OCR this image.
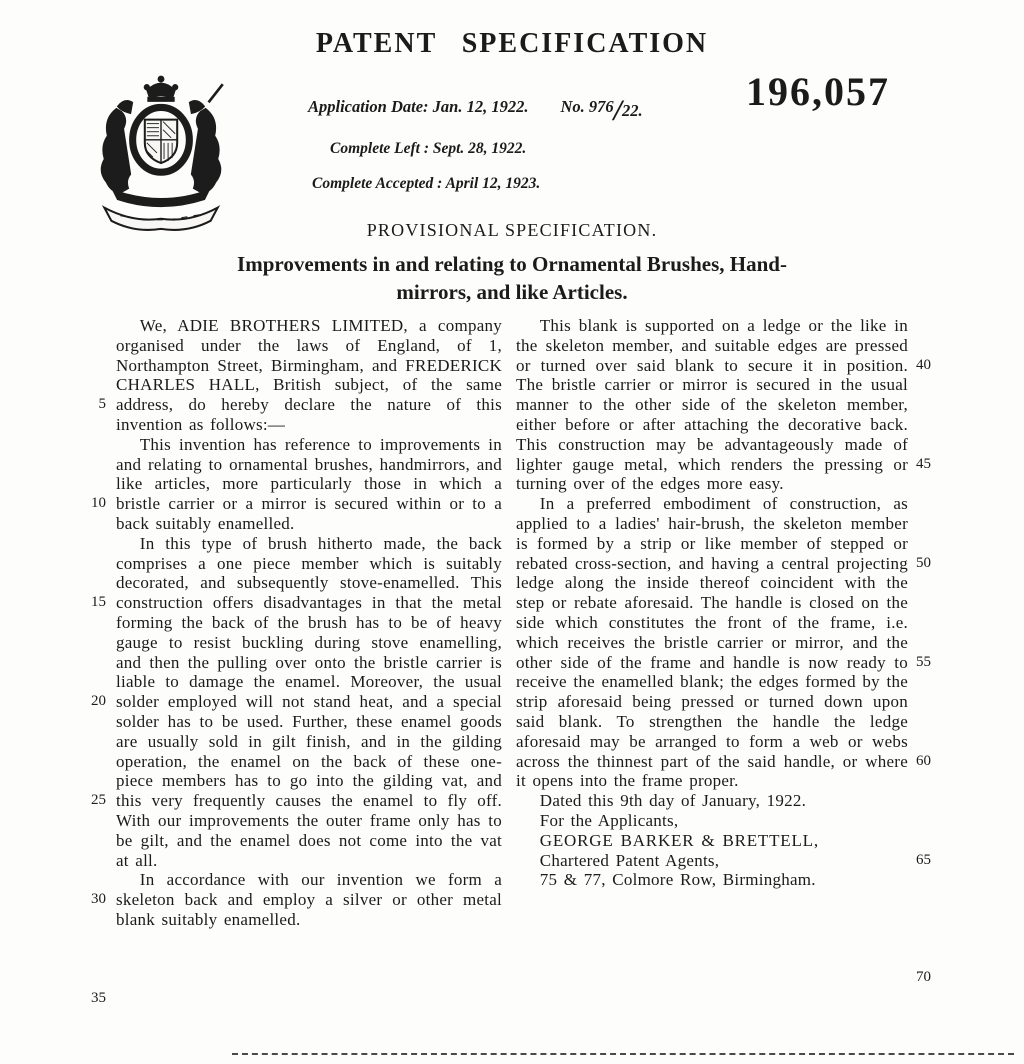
PATENT SPECIFICATION
Application Date: Jan. 12, 1922. No. 976/22.	196,057
Complete Left : Sept. 28, 1922.
Complete Accepted : April 12, 1923.
PROVISIONAL SPECIFICATION.
Improvements in and relating to Ornamental Brushes, Hand-
mirrors, and like Articles.
5
10
15
20
25
30
35

We, ADIE BROTHERS LIMITED, a company organised under the laws of England, of 1, Northampton Street, Birmingham, and FREDERICK CHARLES HALL, British subject, of the same address, do hereby declare the nature of this invention as follows:—

This invention has reference to improvements in and relating to ornamental brushes, handmirrors, and like articles, more particularly those in which a bristle carrier or a mirror is secured within or to a back suitably enamelled.

In this type of brush hitherto made, the back comprises a one piece member which is suitably decorated, and subsequently stove-enamelled. This construction offers disadvantages in that the metal forming the back of the brush has to be of heavy gauge to resist buckling during stove enamelling, and then the pulling over onto the bristle carrier is liable to damage the enamel. Moreover, the usual solder employed will not stand heat, and a special solder has to be used. Further, these enamel goods are usually sold in gilt finish, and in the gilding operation, the enamel on the back of these one-piece members has to go into the gilding vat, and this very frequently causes the enamel to fly off. With our improvements the outer frame only has to be gilt, and the enamel does not come into the vat at all.

In accordance with our invention we form a skeleton back and employ a silver or other metal blank suitably enamelled.

40
45
50
55
60
65
70

This blank is supported on a ledge or the like in the skeleton member, and suitable edges are pressed or turned over said blank to secure it in position. The bristle carrier or mirror is secured in the usual manner to the other side of the skeleton member, either before or after attaching the decorative back. This construction may be advantageously made of lighter gauge metal, which renders the pressing or turning over of the edges more easy.

In a preferred embodiment of construction, as applied to a ladies' hair-brush, the skeleton member is formed by a strip or like member of stepped or rebated cross-section, and having a central projecting ledge along the inside thereof coincident with the step or rebate aforesaid. The handle is closed on the side which constitutes the front of the frame, i.e. which receives the bristle carrier or mirror, and the other side of the frame and handle is now ready to receive the enamelled blank; the edges formed by the strip aforesaid being pressed or turned down upon said blank. To strengthen the handle the ledge aforesaid may be arranged to form a web or webs across the thinnest part of the said handle, or where it opens into the frame proper.

Dated this 9th day of January, 1922.

For the Applicants,

GEORGE BARKER & BRETTELL,

Chartered Patent Agents,

75 & 77, Colmore Row, Birmingham.
